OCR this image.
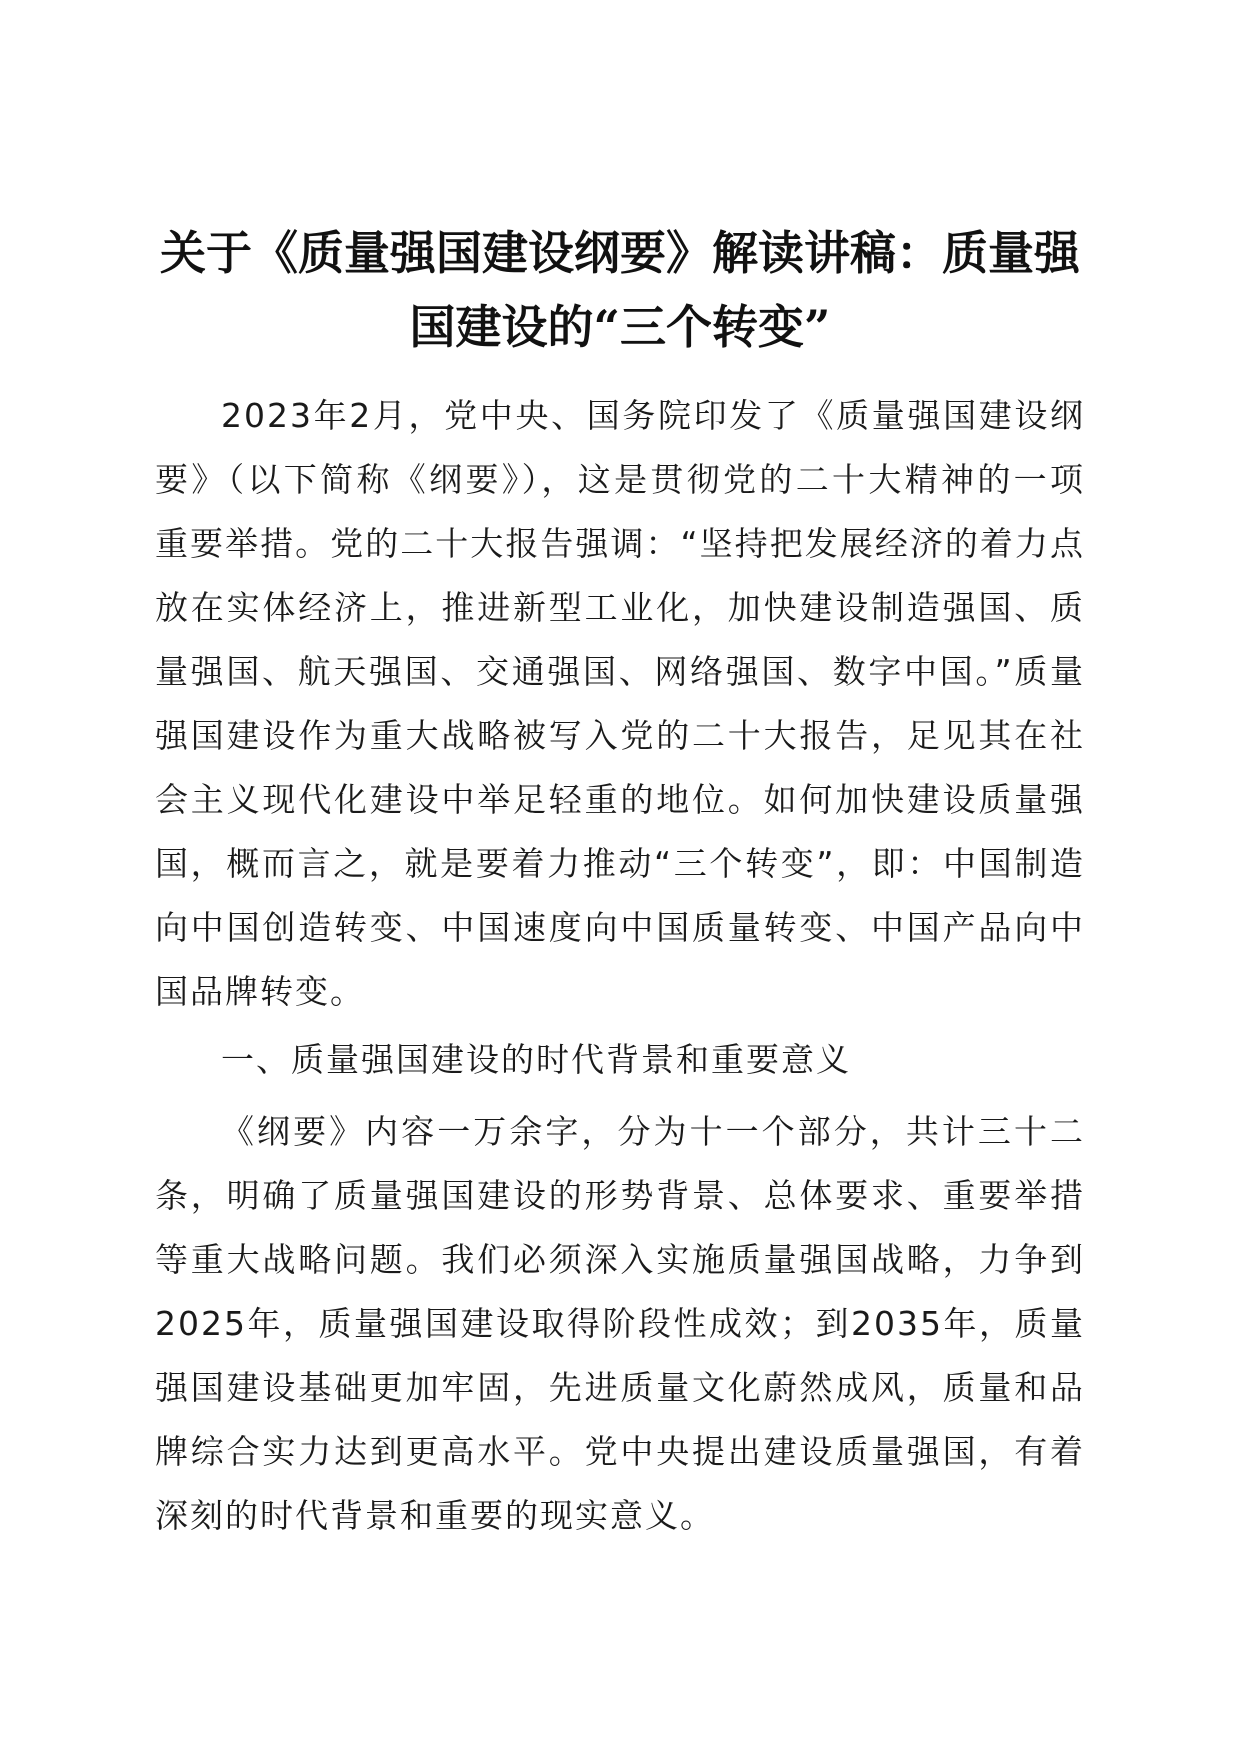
关于《质量强国建设纲要》解读讲稿：质量强
国建设的“三个转变”

2023年2月，党中央、国务院印发了《质量强国建设纲要》（以下简称《纲要》），这是贯彻党的二十大精神的一项重要举措。党的二十大报告强调：“坚持把发展经济的着力点放在实体经济上，推进新型工业化，加快建设制造强国、质量强国、航天强国、交通强国、网络强国、数字中国。”质量强国建设作为重大战略被写入党的二十大报告，足见其在社会主义现代化建设中举足轻重的地位。如何加快建设质量强国，概而言之，就是要着力推动“三个转变”，即：中国制造向中国创造转变、中国速度向中国质量转变、中国产品向中国品牌转变。

一、质量强国建设的时代背景和重要意义

《纲要》内容一万余字，分为十一个部分，共计三十二条，明确了质量强国建设的形势背景、总体要求、重要举措等重大战略问题。我们必须深入实施质量强国战略，力争到2025年，质量强国建设取得阶段性成效；到2035年，质量强国建设基础更加牢固，先进质量文化蔚然成风，质量和品牌综合实力达到更高水平。党中央提出建设质量强国，有着深刻的时代背景和重要的现实意义。
